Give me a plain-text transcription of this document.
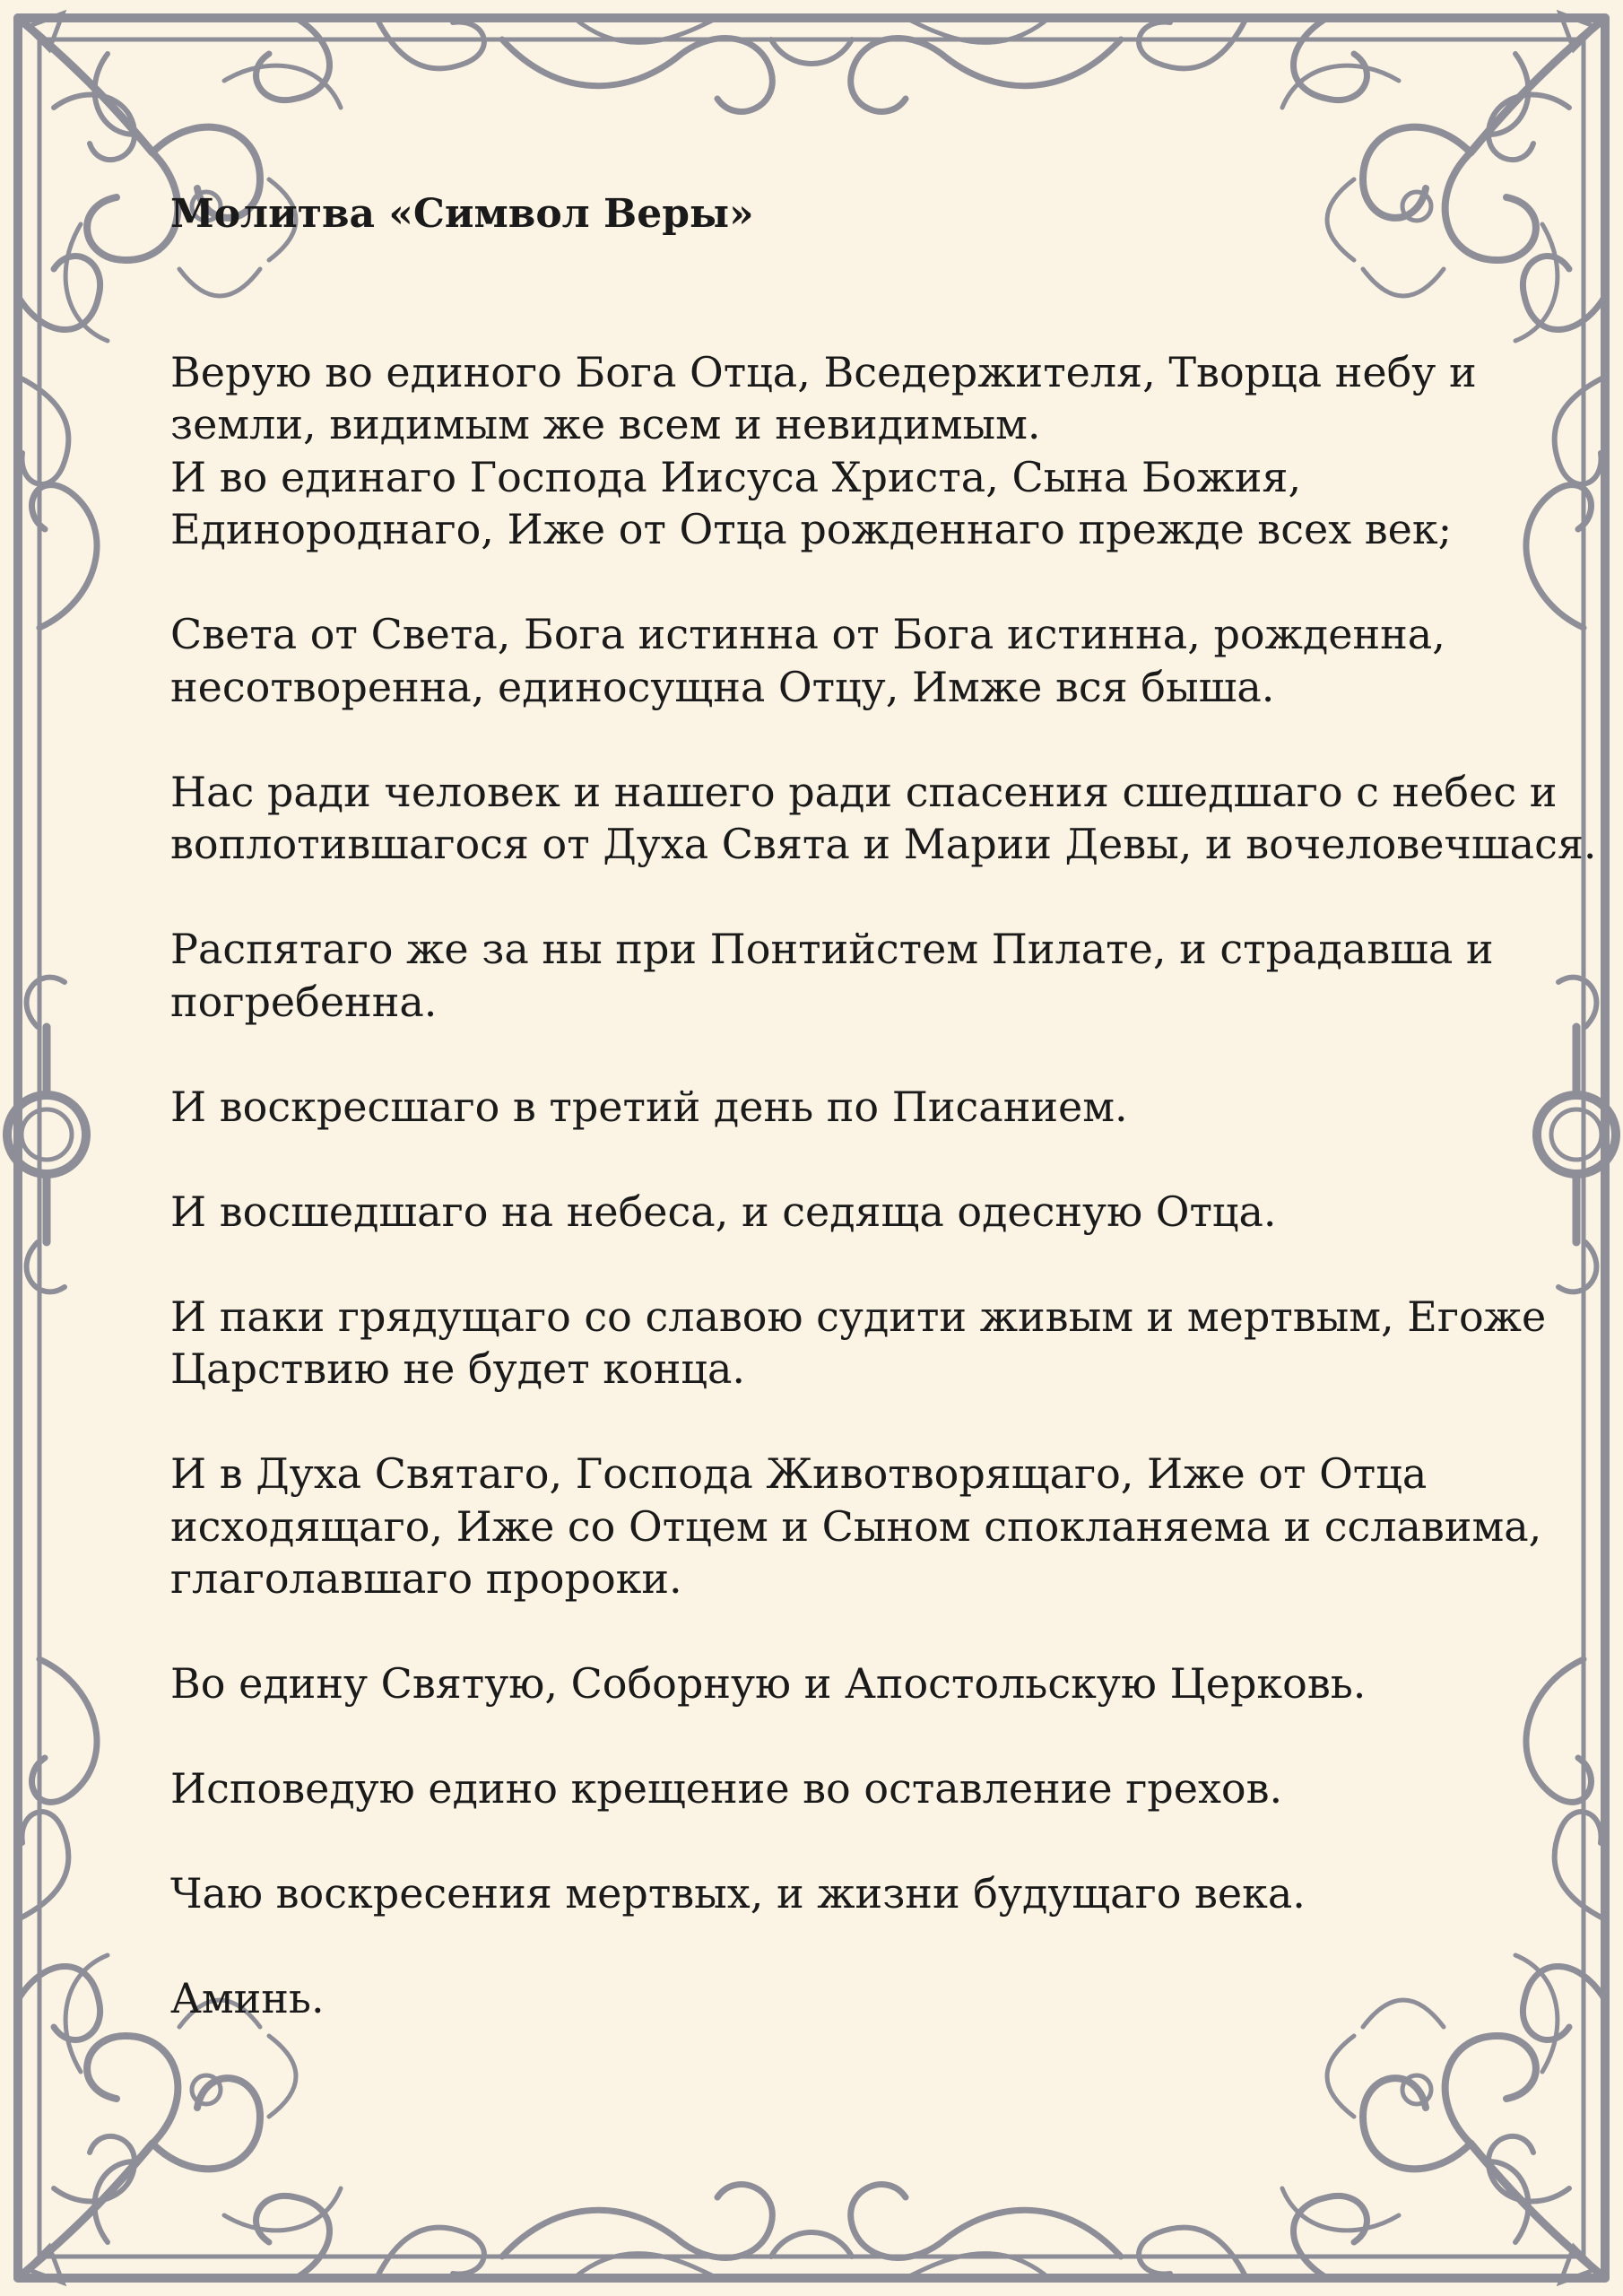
Молитва «Символ Веры»
Верую во единого Бога Отца, Вседержителя, Творца небу и
земли, видимым же всем и невидимым.
И во единаго Господа Иисуса Христа, Сына Божия,
Единороднаго, Иже от Отца рожденнаго прежде всех век;
Света от Света, Бога истинна от Бога истинна, рожденна,
несотворенна, единосущна Отцу, Имже вся быша.
Нас ради человек и нашего ради спасения сшедшаго с небес и
воплотившагося от Духа Свята и Марии Девы, и вочеловечшася.
Распятаго же за ны при Понтийстем Пилате, и страдавша и
погребенна.
И воскресшаго в третий день по Писанием.
И восшедшаго на небеса, и седяща одесную Отца.
И паки грядущаго со славою судити живым и мертвым, Егоже
Царствию не будет конца.
И в Духа Святаго, Господа Животворящаго, Иже от Отца
исходящаго, Иже со Отцем и Сыном спокланяема и сславима,
глаголавшаго пророки.
Во едину Святую, Соборную и Апостольскую Церковь.
Исповедую едино крещение во оставление грехов.
Чаю воскресения мертвых, и жизни будущаго века.
Аминь.
